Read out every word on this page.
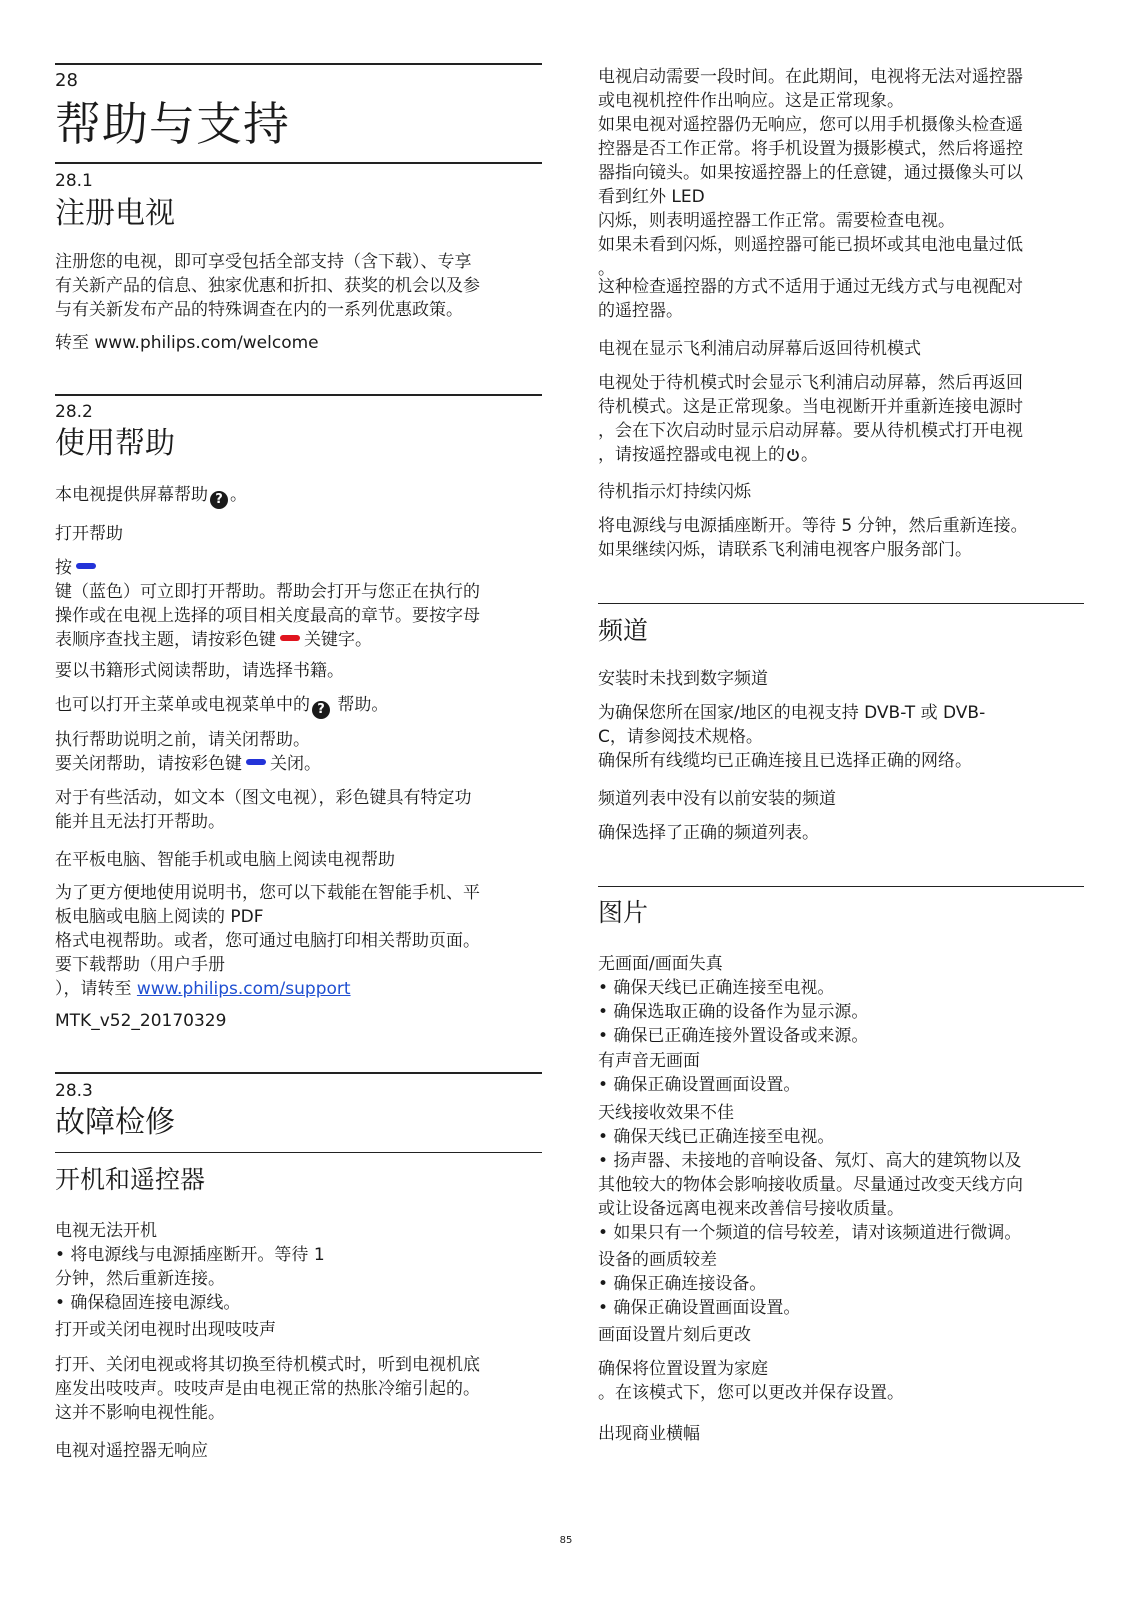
28
帮助与支持
28.1
注册电视
注册您的电视，即可享受包括全部支持（含下载）、专享
有关新产品的信息、独家优惠和折扣、获奖的机会以及参
与有关新发布产品的特殊调查在内的一系列优惠政策。
转至 www.philips.com/welcome
28.2
使用帮助
本电视提供屏幕帮助 ? 。
打开帮助
按
键（蓝色）可立即打开帮助。帮助会打开与您正在执行的
操作或在电视上选择的项目相关度最高的章节。要按字母
表顺序查找主题，请按彩色键 关键字。
要以书籍形式阅读帮助，请选择书籍。
也可以打开主菜单或电视菜单中的 ? 帮助。
执行帮助说明之前，请关闭帮助。
要关闭帮助，请按彩色键 关闭。
对于有些活动，如文本（图文电视），彩色键具有特定功
能并且无法打开帮助。
在平板电脑、智能手机或电脑上阅读电视帮助
为了更方便地使用说明书，您可以下载能在智能手机、平
板电脑或电脑上阅读的 PDF
格式电视帮助。或者，您可通过电脑打印相关帮助页面。
要下载帮助（用户手册
），请转至 www.philips.com/support
MTK_v52_20170329
28.3
故障检修
开机和遥控器
电视无法开机
• 将电源线与电源插座断开。等待 1
分钟，然后重新连接。
• 确保稳固连接电源线。
打开或关闭电视时出现吱吱声
打开、关闭电视或将其切换至待机模式时，听到电视机底
座发出吱吱声。吱吱声是由电视正常的热胀冷缩引起的。
这并不影响电视性能。
电视对遥控器无响应
电视启动需要一段时间。在此期间，电视将无法对遥控器
或电视机控件作出响应。这是正常现象。
如果电视对遥控器仍无响应，您可以用手机摄像头检查遥
控器是否工作正常。将手机设置为摄影模式，然后将遥控
器指向镜头。如果按遥控器上的任意键，通过摄像头可以
看到红外 LED
闪烁，则表明遥控器工作正常。需要检查电视。
如果未看到闪烁，则遥控器可能已损坏或其电池电量过低
。
这种检查遥控器的方式不适用于通过无线方式与电视配对
的遥控器。
电视在显示飞利浦启动屏幕后返回待机模式
电视处于待机模式时会显示飞利浦启动屏幕，然后再返回
待机模式。这是正常现象。当电视断开并重新连接电源时
，会在下次启动时显示启动屏幕。要从待机模式打开电视
，请按遥控器或电视上的 。
待机指示灯持续闪烁
将电源线与电源插座断开。等待 5 分钟，然后重新连接。
如果继续闪烁，请联系飞利浦电视客户服务部门。
频道
安装时未找到数字频道
为确保您所在国家/地区的电视支持 DVB-T 或 DVB-
C，请参阅技术规格。
确保所有线缆均已正确连接且已选择正确的网络。
频道列表中没有以前安装的频道
确保选择了正确的频道列表。
图片
无画面/画面失真
• 确保天线已正确连接至电视。
• 确保选取正确的设备作为显示源。
• 确保已正确连接外置设备或来源。
有声音无画面
• 确保正确设置画面设置。
天线接收效果不佳
• 确保天线已正确连接至电视。
• 扬声器、未接地的音响设备、氖灯、高大的建筑物以及
其他较大的物体会影响接收质量。尽量通过改变天线方向
或让设备远离电视来改善信号接收质量。
• 如果只有一个频道的信号较差，请对该频道进行微调。
设备的画质较差
• 确保正确连接设备。
• 确保正确设置画面设置。
画面设置片刻后更改
确保将位置设置为家庭
。在该模式下，您可以更改并保存设置。
出现商业横幅
85
